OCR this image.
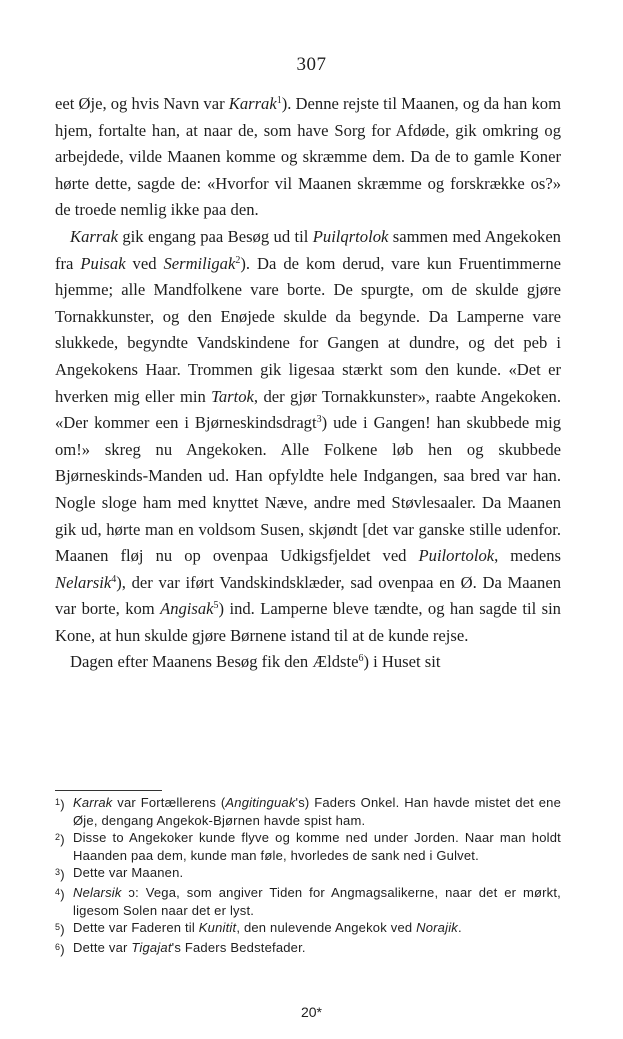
307

eet Øje, og hvis Navn var Karrak$^1$). Denne rejste til Maanen, og da han kom hjem, fortalte han, at naar de, som have Sorg for Afdøde, gik omkring og arbejdede, vilde Maanen komme og skræmme dem. Da de to gamle Koner hørte dette, sagde de: «Hvorfor vil Maanen skræmme og forskrække os?» de troede nemlig ikke paa den.

Karrak gik engang paa Besøg ud til Puilqrtolok sammen med Angekoken fra Puisak ved Sermiligak$^2$). Da de kom derud, vare kun Fruentimmerne hjemme; alle Mandfolkene vare borte. De spurgte, om de skulde gjøre Tornakkunster, og den Enøjede skulde da begynde. Da Lamperne vare slukkede, begyndte Vandskindene for Gangen at dundre, og det peb i Angekokens Haar. Trommen gik ligesaa stærkt som den kunde. «Det er hverken mig eller min Tartok, der gjør Tornakkunster», raabte Angekoken. «Der kommer een i Bjørneskindsdragt$^3$) ude i Gangen! han skubbede mig om!» skreg nu Angekoken. Alle Folkene løb hen og skubbede Bjørneskinds-Manden ud. Han opfyldte hele Indgangen, saa bred var han. Nogle sloge ham med knyttet Næve, andre med Støvlesaaler. Da Maanen gik ud, hørte man en voldsom Susen, skjøndt [det var ganske stille udenfor. Maanen fløj nu op ovenpaa Udkigsfjeldet ved Puilortolok, medens Nelarsik$^4$), der var iført Vandskindsklæder, sad ovenpaa en Ø. Da Maanen var borte, kom Angisak$^5$) ind. Lamperne bleve tændte, og han sagde til sin Kone, at hun skulde gjøre Børnene istand til at de kunde rejse.

Dagen efter Maanens Besøg fik den Ældste$^6$) i Huset sit

$^1$) Karrak var Fortællerens (Angitinguak's) Faders Onkel. Han havde mistet det ene Øje, dengang Angekok-Bjørnen havde spist ham.
$^2$) Disse to Angekoker kunde flyve og komme ned under Jorden. Naar man holdt Haanden paa dem, kunde man føle, hvorledes de sank ned i Gulvet.
$^3$) Dette var Maanen.
$^4$) Nelarsik ɔ: Vega, som angiver Tiden for Angmagsalikerne, naar det er mørkt, ligesom Solen naar det er lyst.
$^5$) Dette var Faderen til Kunitit, den nulevende Angekok ved Norajik.
$^6$) Dette var Tigajat's Faders Bedstefader.
20*
